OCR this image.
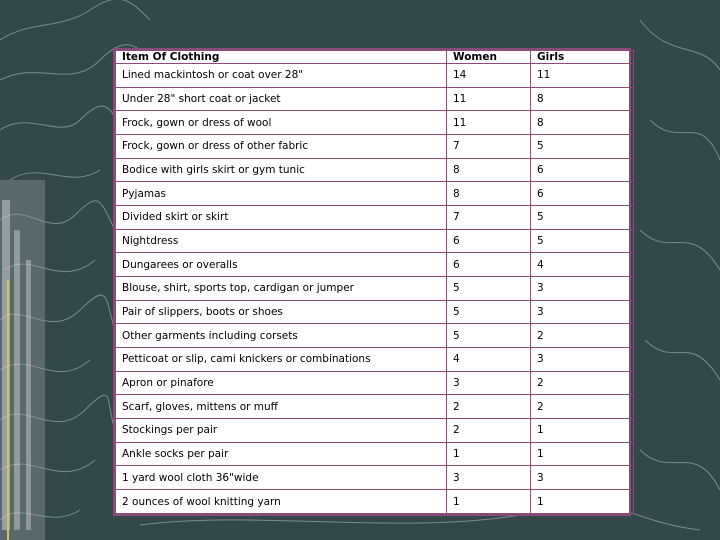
Item Of Clothing	Women	Girls
Lined mackintosh or coat over 28"	14	11
Under 28" short coat or jacket	11	8
Frock, gown or dress of wool	11	8
Frock, gown or dress of other fabric	7	5
Bodice with girls skirt or gym tunic	8	6
Pyjamas	8	6
Divided skirt or skirt	7	5
Nightdress	6	5
Dungarees or overalls	6	4
Blouse, shirt, sports top, cardigan or jumper	5	3
Pair of slippers, boots or shoes	5	3
Other garments including corsets	5	2
Petticoat or slip, cami knickers or combinations	4	3
Apron or pinafore	3	2
Scarf, gloves, mittens or muff	2	2
Stockings per pair	2	1
Ankle socks per pair	1	1
1 yard wool cloth 36"wide	3	3
2 ounces of wool knitting yarn	1	1
